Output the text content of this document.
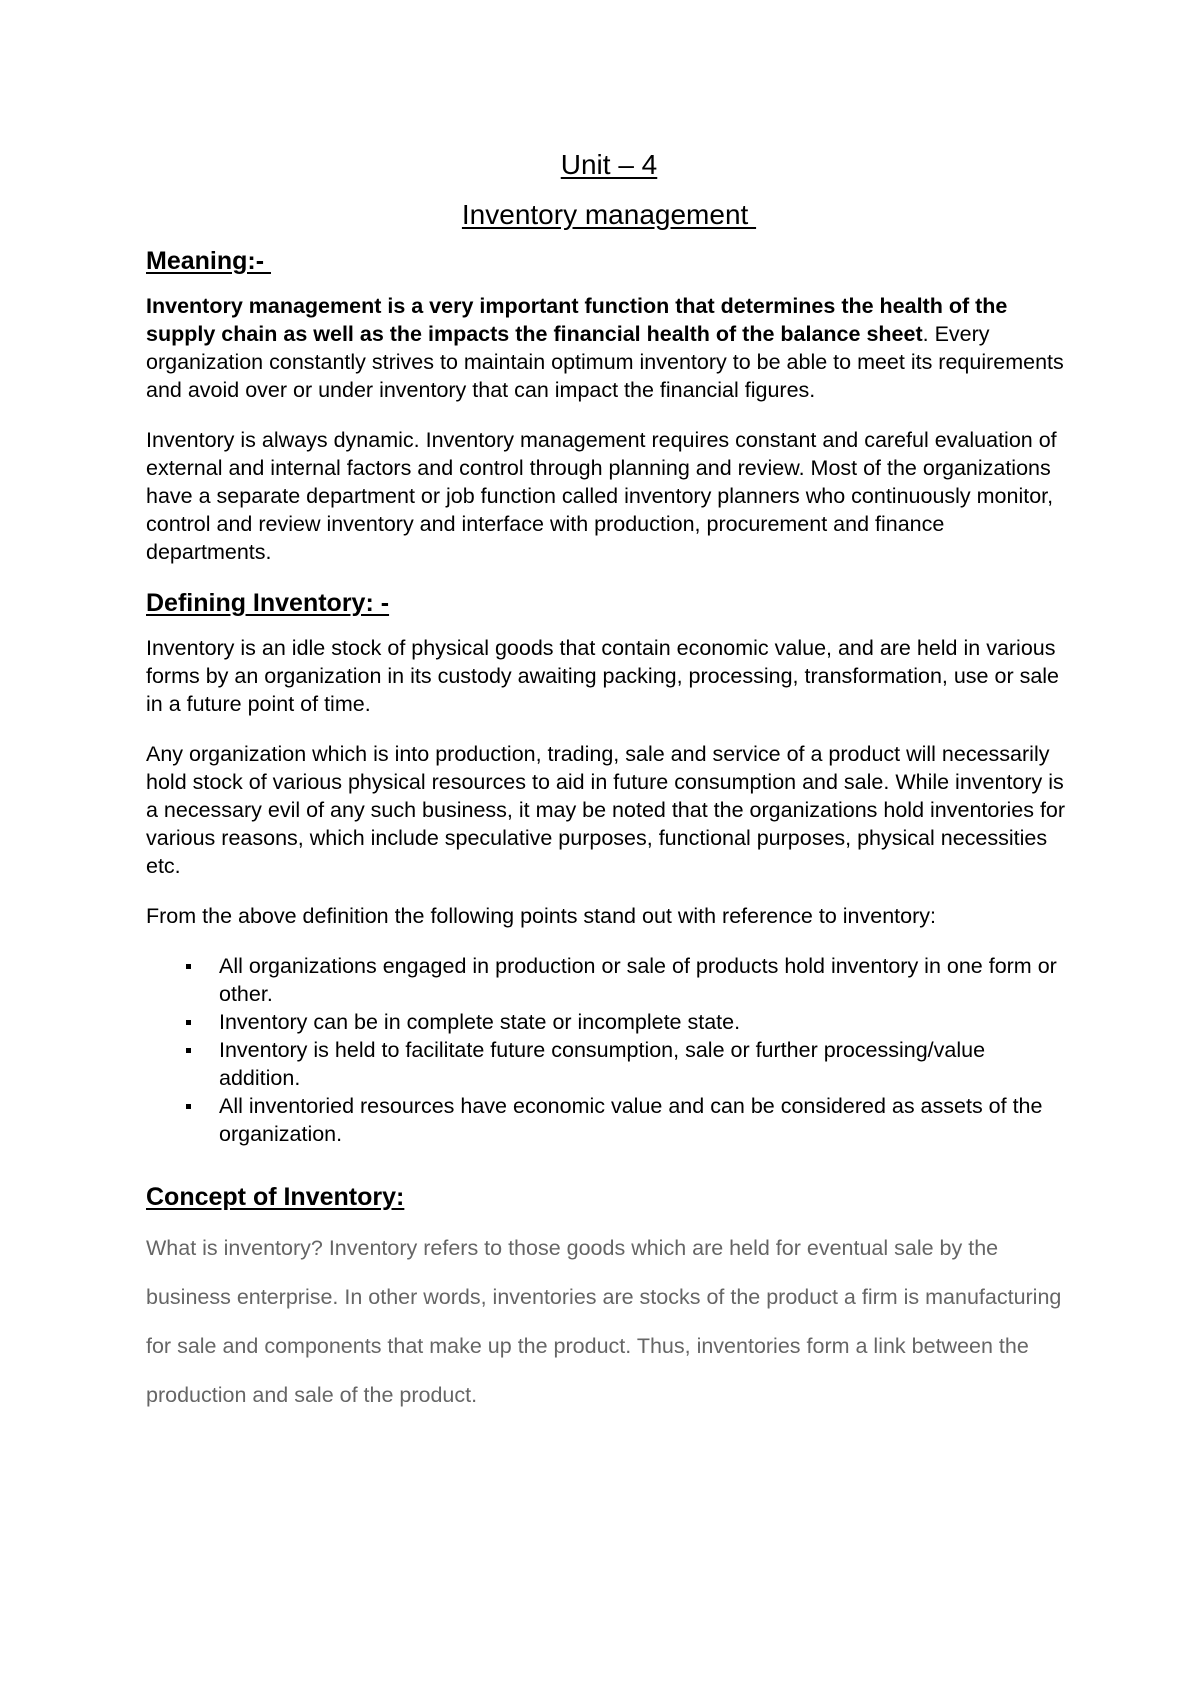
Unit – 4
Inventory management
Meaning:-

Inventory management is a very important function that determines the health of the supply chain as well as the impacts the financial health of the balance sheet. Every organization constantly strives to maintain optimum inventory to be able to meet its requirements and avoid over or under inventory that can impact the financial figures.

Inventory is always dynamic. Inventory management requires constant and careful evaluation of external and internal factors and control through planning and review. Most of the organizations have a separate department or job function called inventory planners who continuously monitor, control and review inventory and interface with production, procurement and finance departments.

Defining Inventory: -

Inventory is an idle stock of physical goods that contain economic value, and are held in various forms by an organization in its custody awaiting packing, processing, transformation, use or sale in a future point of time.

Any organization which is into production, trading, sale and service of a product will necessarily hold stock of various physical resources to aid in future consumption and sale. While inventory is a necessary evil of any such business, it may be noted that the organizations hold inventories for various reasons, which include speculative purposes, functional purposes, physical necessities etc.

From the above definition the following points stand out with reference to inventory:

All organizations engaged in production or sale of products hold inventory in one form or other.
Inventory can be in complete state or incomplete state.
Inventory is held to facilitate future consumption, sale or further processing/value addition.
All inventoried resources have economic value and can be considered as assets of the organization.
Concept of Inventory:

What is inventory? Inventory refers to those goods which are held for eventual sale by the business enterprise. In other words, inventories are stocks of the product a firm is manufacturing for sale and components that make up the product. Thus, inventories form a link between the production and sale of the product.
